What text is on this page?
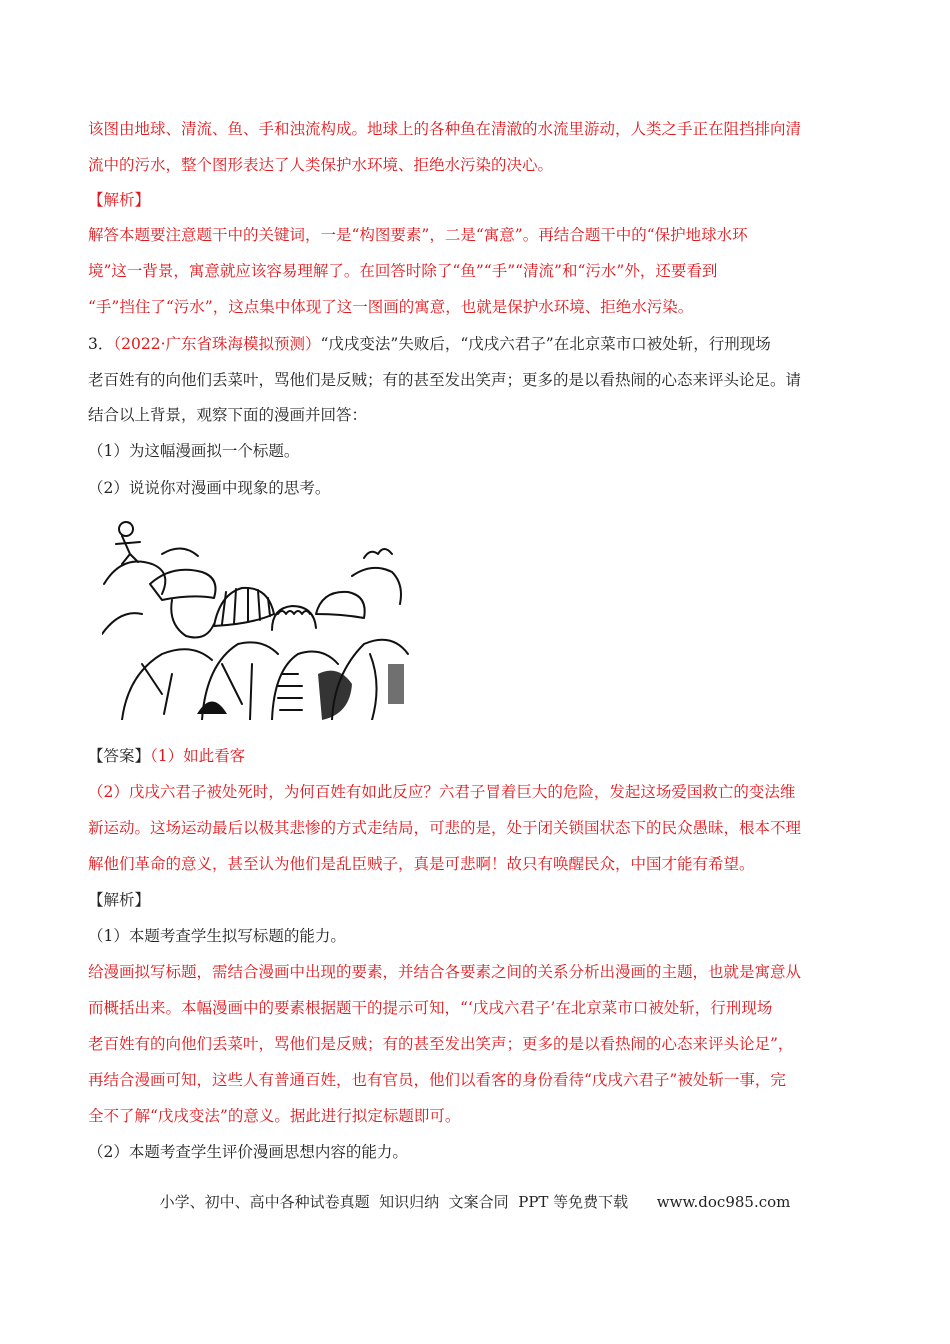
该图由地球、清流、鱼、手和浊流构成。地球上的各种鱼在清澈的水流里游动，人类之手正在阻挡排向清
流中的污水，整个图形表达了人类保护水环境、拒绝水污染的决心。
【解析】
解答本题要注意题干中的关键词，一是“构图要素”，二是“寓意”。再结合题干中的“保护地球水环
境”这一背景，寓意就应该容易理解了。在回答时除了“鱼”“手”“清流”和“污水”外，还要看到
“手”挡住了“污水”，这点集中体现了这一图画的寓意，也就是保护水环境、拒绝水污染。
3．（2022·广东省珠海模拟预测）“戊戌变法”失败后，“戊戌六君子”在北京菜市口被处斩，行刑现场
老百姓有的向他们丢菜叶，骂他们是反贼；有的甚至发出笑声；更多的是以看热闹的心态来评头论足。请
结合以上背景，观察下面的漫画并回答：
（1）为这幅漫画拟一个标题。
（2）说说你对漫画中现象的思考。
【答案】（1）如此看客
（2）戊戌六君子被处死时，为何百姓有如此反应？六君子冒着巨大的危险，发起这场爱国救亡的变法维
新运动。这场运动最后以极其悲惨的方式走结局，可悲的是，处于闭关锁国状态下的民众愚昧，根本不理
解他们革命的意义，甚至认为他们是乱臣贼子，真是可悲啊！故只有唤醒民众，中国才能有希望。
【解析】
（1）本题考查学生拟写标题的能力。
给漫画拟写标题，需结合漫画中出现的要素，并结合各要素之间的关系分析出漫画的主题，也就是寓意从
而概括出来。本幅漫画中的要素根据题干的提示可知，“‘戊戌六君子’在北京菜市口被处斩，行刑现场
老百姓有的向他们丢菜叶，骂他们是反贼；有的甚至发出笑声；更多的是以看热闹的心态来评头论足”，
再结合漫画可知，这些人有普通百姓，也有官员，他们以看客的身份看待“戊戌六君子”被处斩一事，完
全不了解“戊戌变法”的意义。据此进行拟定标题即可。
（2）本题考查学生评价漫画思想内容的能力。
小学、初中、高中各种试卷真题  知识归纳  文案合同  PPT 等免费下载      www.doc985.com
